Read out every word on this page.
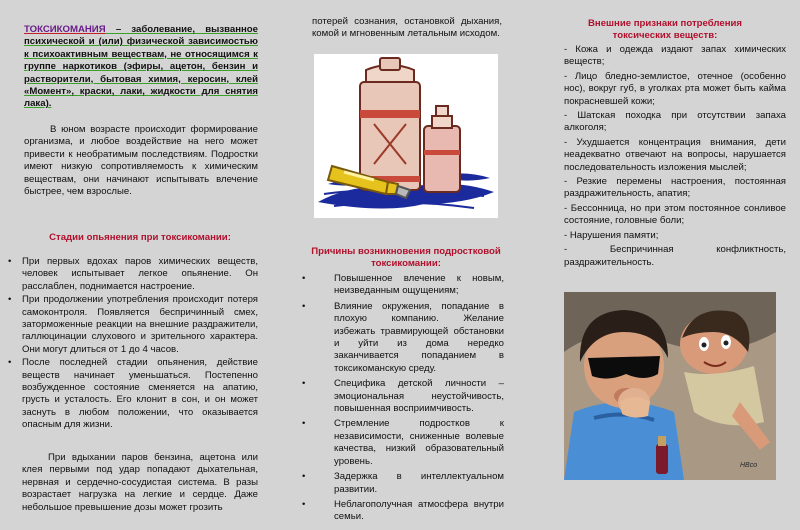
ТОКСИКОМАНИЯ – заболевание, вызванное психической и (или) физической зависимостью к психоактивным веществам, не относящимся к группе наркотиков (эфиры, ацетон, бензин и растворители, бытовая химия, керосин, клей «Момент», краски, лаки, жидкости для снятия лака).

В юном возрасте происходит формирование организма, и любое воздействие на него может привести к необратимым последствиям. Подростки имеют низкую сопротивляемость к химическим веществам, они начинают испытывать влечение быстрее, чем взрослые.

Стадии опьянения при токсикомании:

• При первых вдохах паров химических веществ, человек испытывает легкое опьянение. Он расслаблен, поднимается настроение.
• При продолжении употребления происходит потеря самоконтроля. Появляется беспричинный смех, заторможенные реакции на внешние раздражители, галлюцинации слухового и зрительного характера. Они могут длиться от 1 до 4 часов.
• После последней стадии опьянения, действие веществ начинает уменьшаться. Постепенно возбужденное состояние сменяется на апатию, грусть и усталость. Его клонит в сон, и он может заснуть в любом положении, что оказывается опасным для жизни.

При вдыхании паров бензина, ацетона или клея первыми под удар попадают дыхательная, нервная и сердечно-сосудистая система. В разы возрастает нагрузка на легкие и сердце. Даже небольшое превышение дозы может грозить

потерей сознания, остановкой дыхания, комой и мгновенным летальным исходом.

Причины возникновения подростковой токсикомании:

• Повышенное влечение к новым, неизведанным ощущениям;
• Влияние окружения, попадание в плохую компанию. Желание избежать травмирующей обстановки и уйти из дома нередко заканчивается попаданием в токсикоманскую среду.
• Специфика детской личности – эмоциональная неустойчивость, повышенная восприимчивость.
• Стремление подростков к независимости, сниженные волевые качества, низкий образовательный уровень.
• Задержка в интеллектуальном развитии.
• Неблагополучная атмосфера внутри семьи.

Внешние признаки потребления токсических веществ:

- Кожа и одежда издают запах химических веществ;

- Лицо бледно-землистое, отечное (особенно нос), вокруг губ, в уголках рта может быть кайма покрасневшей кожи;

- Шатская походка при отсутствии запаха алкоголя;

- Ухудшается концентрация внимания, дети неадекватно отвечают на вопросы, нарушается последовательность изложения мыслей;

- Резкие перемены настроения, постоянная раздражительность, апатия;

- Бессонница, но при этом постоянное сонливое состояние, головные боли;

- Нарушения памяти;

- Беспричинная конфликтность, раздражительность.

HBco
